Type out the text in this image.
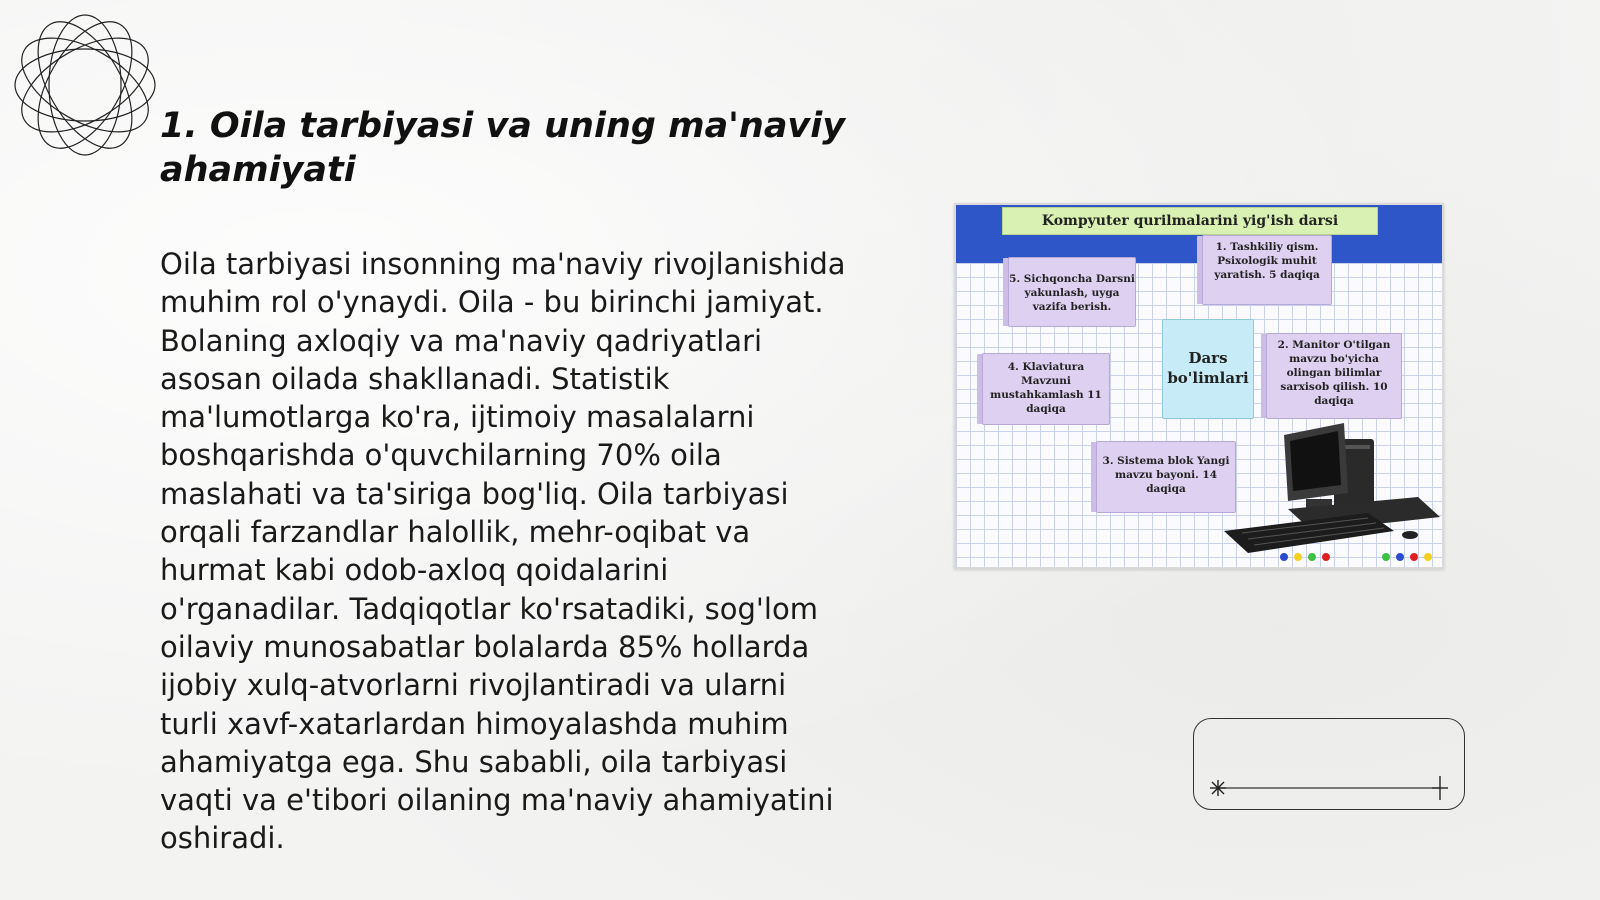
1. Oila tarbiyasi va uning ma'naviy ahamiyati

Oila tarbiyasi insonning ma'naviy rivojlanishida muhim rol o'ynaydi. Oila - bu birinchi jamiyat. Bolaning axloqiy va ma'naviy qadriyatlari asosan oilada shakllanadi. Statistik ma'lumotlarga ko'ra, ijtimoiy masalalarni boshqarishda o'quvchilarning 70% oila maslahati va ta'siriga bog'liq. Oila tarbiyasi orqali farzandlar halollik, mehr-oqibat va hurmat kabi odob-axloq qoidalarini o'rganadilar. Tadqiqotlar ko'rsatadiki, sog'lom oilaviy munosabatlar bolalarda 85% hollarda ijobiy xulq-atvorlarni rivojlantiradi va ularni turli xavf-xatarlardan himoyalashda muhim ahamiyatga ega. Shu sababli, oila tarbiyasi vaqti va e'tibori oilaning ma'naviy ahamiyatini oshiradi.

Kompyuter qurilmalarini yig'ish darsi
1. Tashkiliy qism. Psixologik muhit yaratish. 5 daqiqa
5. Sichqoncha Darsni yakunlash, uyga vazifa berish.
Dars bo'limlari
4. Klaviatura Mavzuni mustahkamlash 11 daqiqa
2. Manitor O'tilgan mavzu bo'yicha olingan bilimlar sarxisob qilish. 10 daqiqa
3. Sistema blok Yangi mavzu bayoni. 14 daqiqa
